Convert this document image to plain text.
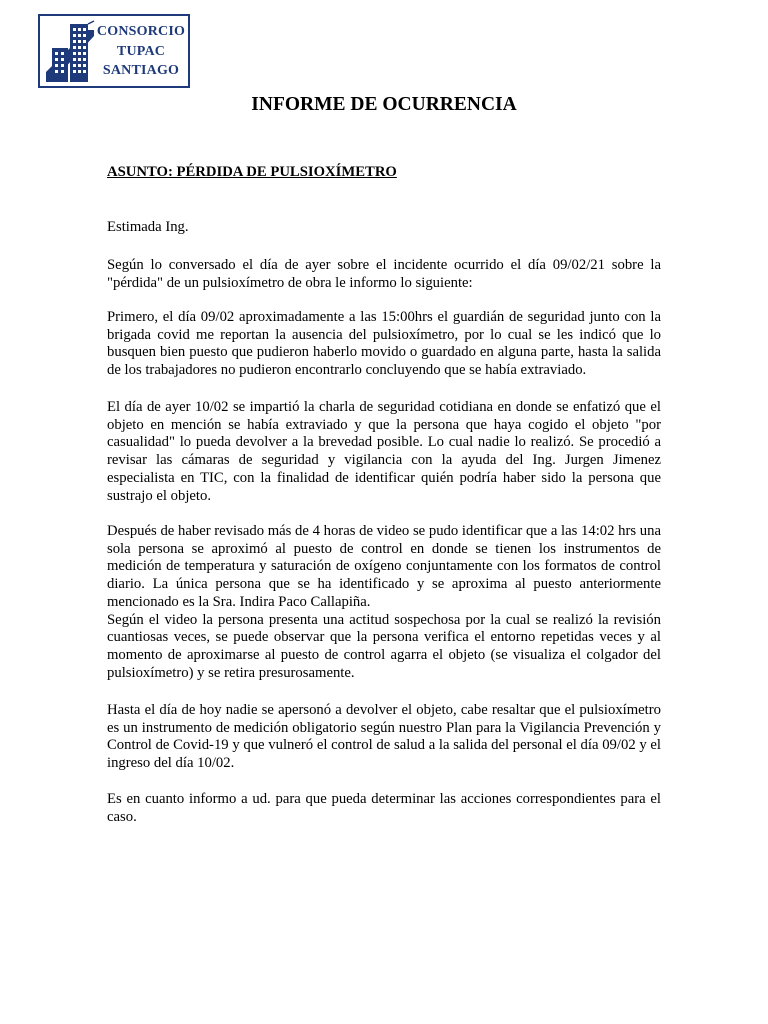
CONSORCIO
TUPAC
SANTIAGO
INFORME DE OCURRENCIA
ASUNTO: PÉRDIDA DE PULSIOXÍMETRO

Estimada Ing.

Según lo conversado el día de ayer sobre el incidente ocurrido el día 09/02/21 sobre la "pérdida" de un pulsioxímetro de obra le informo lo siguiente:

Primero, el día 09/02 aproximadamente a las 15:00hrs el guardián de seguridad junto con la brigada covid me reportan la ausencia del pulsioxímetro, por lo cual se les indicó que lo busquen bien puesto que pudieron haberlo movido o guardado en alguna parte, hasta la salida de los trabajadores no pudieron encontrarlo concluyendo que se había extraviado.

El día de ayer 10/02 se impartió la charla de seguridad cotidiana en donde se enfatizó que el objeto en mención se había extraviado y que la persona que haya cogido el objeto "por casualidad" lo pueda devolver a la brevedad posible. Lo cual nadie lo realizó. Se procedió a revisar las cámaras de seguridad y vigilancia con la ayuda del Ing. Jurgen Jimenez especialista en TIC, con la finalidad de identificar quién podría haber sido la persona que sustrajo el objeto.

Después de haber revisado más de 4 horas de video se pudo identificar que a las 14:02 hrs una sola persona se aproximó al puesto de control en donde se tienen los instrumentos de medición de temperatura y saturación de oxígeno conjuntamente con los formatos de control diario. La única persona que se ha identificado y se aproxima al puesto anteriormente mencionado es la Sra. Indira Paco Callapiña.

Según el video la persona presenta una actitud sospechosa por la cual se realizó la revisión cuantiosas veces, se puede observar que la persona verifica el entorno repetidas veces y al momento de aproximarse al puesto de control agarra el objeto (se visualiza el colgador del pulsioxímetro) y se retira presurosamente.

Hasta el día de hoy nadie se apersonó a devolver el objeto, cabe resaltar que el pulsioxímetro es un instrumento de medición obligatorio según nuestro Plan para la Vigilancia Prevención y Control de Covid-19 y que vulneró el control de salud a la salida del personal el día 09/02 y el ingreso del día 10/02.

Es en cuanto informo a ud. para que pueda determinar las acciones correspondientes para el caso.
